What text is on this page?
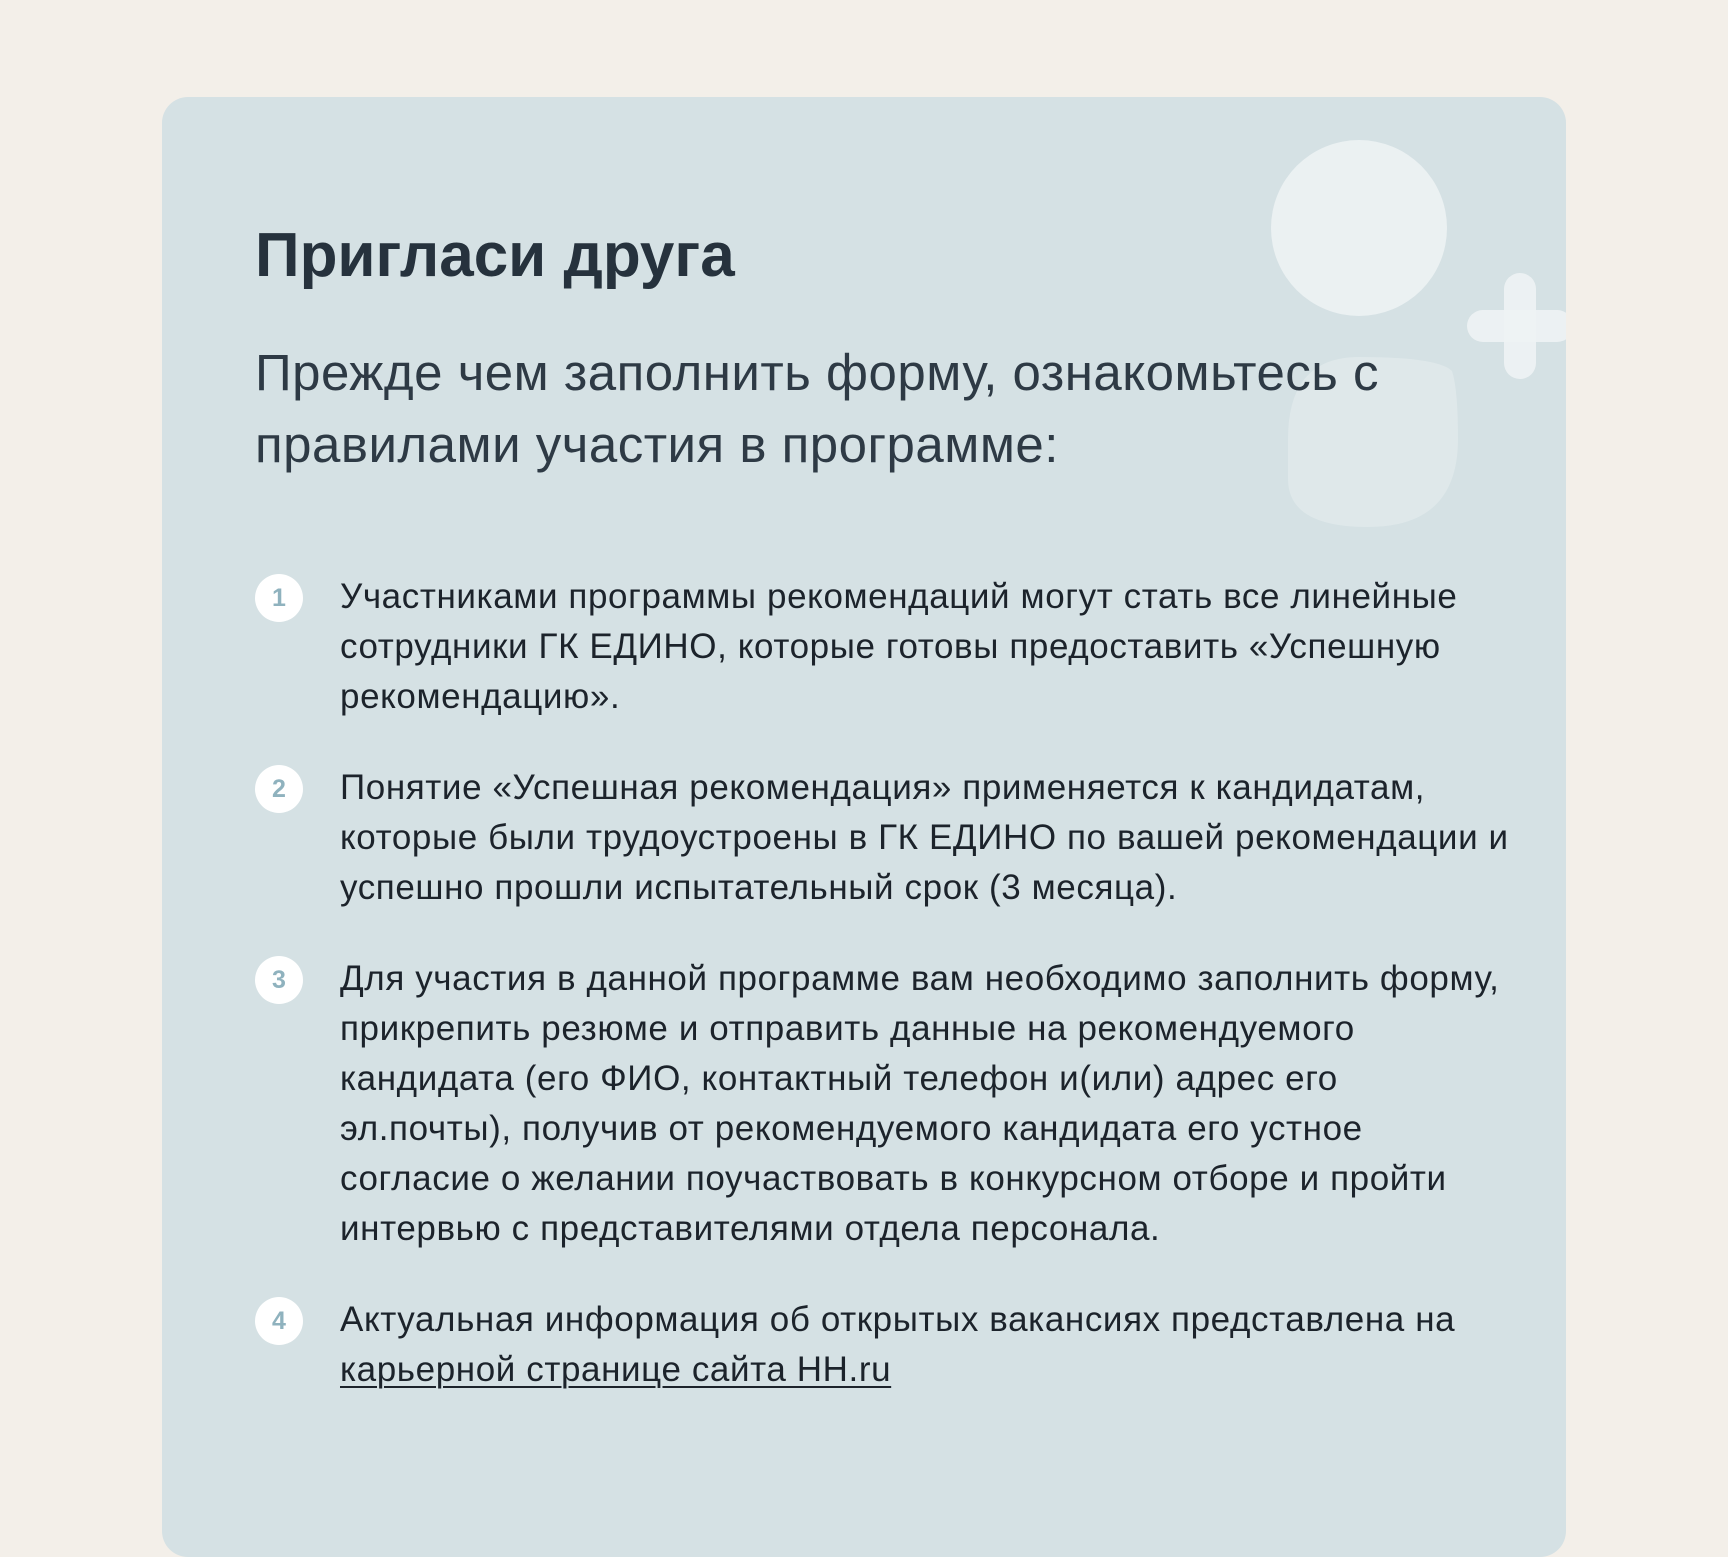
Пригласи друга

Прежде чем заполнить форму, ознакомьтесь с правилами участия в программе:

1	Участниками программы рекомендаций могут стать все линейные сотрудники ГК ЕДИНО, которые готовы предоставить «Успешную рекомендацию».
2	Понятие «Успешная рекомендация» применяется к кандидатам, которые были трудоустроены в ГК ЕДИНО по вашей рекомендации и успешно прошли испытательный срок (3 месяца).
3	Для участия в данной программе вам необходимо заполнить форму, прикрепить резюме и отправить данные на рекомендуемого кандидата (его ФИО, контактный телефон и(или) адрес его эл.почты), получив от рекомендуемого кандидата его устное согласие о желании поучаствовать в конкурсном отборе и пройти интервью с представителями отдела персонала.
4	Актуальная информация об открытых вакансиях представлена на карьерной странице сайта HH.ru
